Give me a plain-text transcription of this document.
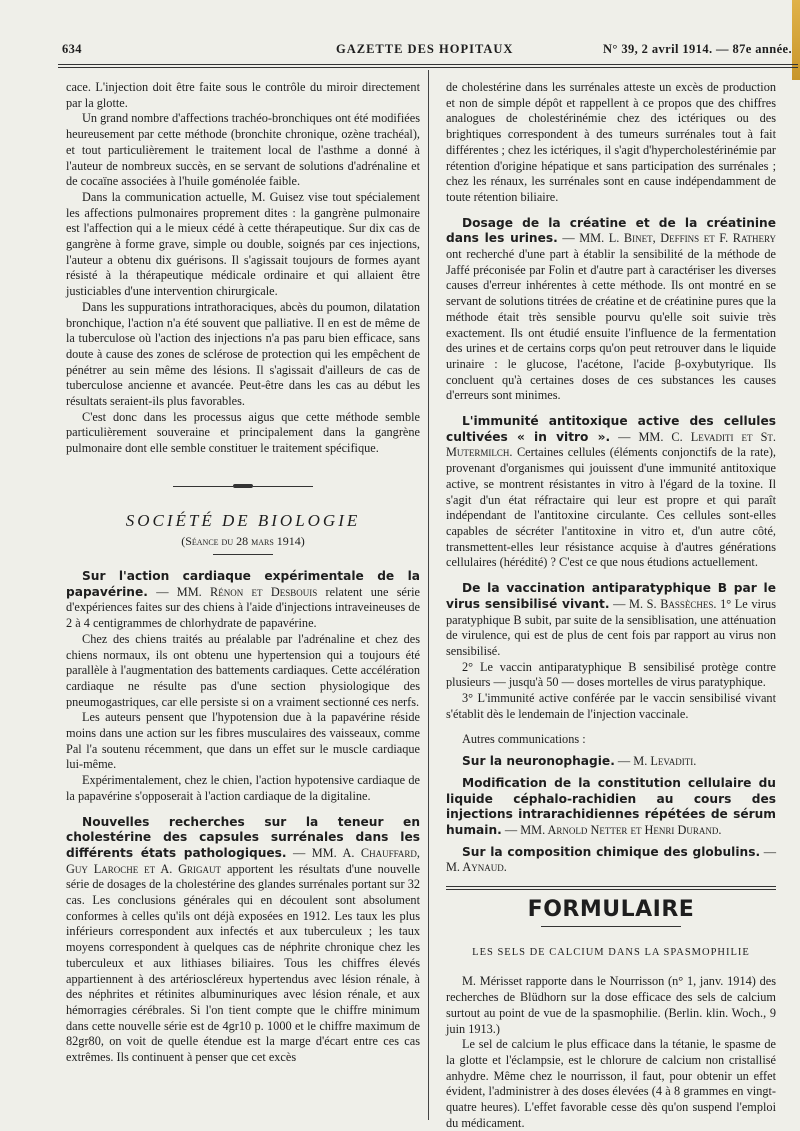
634	GAZETTE DES HOPITAUX	N° 39, 2 avril 1914. — 87e année.

cace. L'injection doit être faite sous le contrôle du miroir directement par la glotte.

Un grand nombre d'affections trachéo-bronchiques ont été modifiées heureusement par cette méthode (bronchite chronique, ozène trachéal), et tout particulièrement le traitement local de l'asthme a donné à l'auteur de nombreux succès, en se servant de solutions d'adrénaline et de cocaïne associées à l'huile goménolée faible.

Dans la communication actuelle, M. Guisez vise tout spécialement les affections pulmonaires proprement dites : la gangrène pulmonaire est l'affection qui a le mieux cédé à cette thérapeutique. Sur dix cas de gangrène à forme grave, simple ou double, soignés par ces injections, l'auteur a obtenu dix guérisons. Il s'agissait toujours de formes ayant résisté à la thérapeutique médicale ordinaire et qui allaient être justiciables d'une intervention chirurgicale.

Dans les suppurations intrathoraciques, abcès du poumon, dilatation bronchique, l'action n'a été souvent que palliative. Il en est de même de la tuberculose où l'action des injections n'a pas paru bien efficace, sans doute à cause des zones de sclérose de protection qui les empêchent de pénétrer au sein même des lésions. Il s'agissait d'ailleurs de cas de tuberculose ancienne et avancée. Peut-être dans les cas au début les résultats seraient-ils plus favorables.

C'est donc dans les processus aigus que cette méthode semble particulièrement souveraine et principalement dans la gangrène pulmonaire dont elle semble constituer le traitement spécifique.

SOCIÉTÉ DE BIOLOGIE
(Séance du 28 mars 1914)

Sur l'action cardiaque expérimentale de la papavérine. — MM. Rénon et Desbouis relatent une série d'expériences faites sur des chiens à l'aide d'injections intraveineuses de 2 à 4 centigrammes de chlorhydrate de papavérine.

Chez des chiens traités au préalable par l'adrénaline et chez des chiens normaux, ils ont obtenu une hypertension qui a toujours été parallèle à l'augmentation des battements cardiaques. Cette accélération cardiaque ne résulte pas d'une section physiologique des pneumogastriques, car elle persiste si on a vraiment sectionné ces nerfs.

Les auteurs pensent que l'hypotension due à la papavérine réside moins dans une action sur les fibres musculaires des vaisseaux, comme Pal l'a soutenu récemment, que dans un effet sur le muscle cardiaque lui-même.

Expérimentalement, chez le chien, l'action hypotensive cardiaque de la papavérine s'opposerait à l'action cardiaque de la digitaline.

Nouvelles recherches sur la teneur en cholestérine des capsules surrénales dans les différents états pathologiques. — MM. A. Chauffard, Guy Laroche et A. Grigaut apportent les résultats d'une nouvelle série de dosages de la cholestérine des glandes surrénales portant sur 32 cas. Les conclusions générales qui en découlent sont absolument conformes à celles qu'ils ont déjà exposées en 1912. Les taux les plus inférieurs correspondent aux infectés et aux tuberculeux ; les taux moyens correspondent à quelques cas de néphrite chronique chez les tuberculeux et aux lithiases biliaires. Tous les chiffres élevés appartiennent à des artérioscléreux hypertendus avec lésion rénale, à des néphrites et rétinites albuminuriques avec lésion rénale, et aux hémorragies cérébrales. Si l'on tient compte que le chiffre minimum dans cette nouvelle série est de 4gr10 p. 1000 et le chiffre maximum de 82gr80, on voit de quelle étendue est la marge d'écart entre ces cas extrêmes. Ils continuent à penser que cet excès

de cholestérine dans les surrénales atteste un excès de production et non de simple dépôt et rappellent à ce propos que des chiffres analogues de cholestérinémie chez des ictériques ou des brightiques correspondent à des tumeurs surrénales tout à fait différentes ; chez les ictériques, il s'agit d'hypercholestérinémie par rétention d'origine hépatique et sans participation des surrénales ; chez les rénaux, les surrénales sont en cause indépendamment de toute rétention biliaire.

Dosage de la créatine et de la créatinine dans les urines. — MM. L. Binet, Deffins et F. Rathery ont recherché d'une part à établir la sensibilité de la méthode de Jaffé préconisée par Folin et d'autre part à caractériser les diverses causes d'erreur inhérentes à cette méthode. Ils ont montré en se servant de solutions titrées de créatine et de créatinine pures que la méthode était très sensible pourvu qu'elle soit suivie très exactement. Ils ont étudié ensuite l'influence de la fermentation des urines et de certains corps qu'on peut retrouver dans le liquide urinaire : le glucose, l'acétone, l'acide β-oxybutyrique. Ils concluent qu'à certaines doses de ces substances les causes d'erreurs sont minimes.

L'immunité antitoxique active des cellules cultivées « in vitro ». — MM. C. Levaditi et St. Mutermilch. Certaines cellules (éléments conjonctifs de la rate), provenant d'organismes qui jouissent d'une immunité antitoxique active, se montrent résistantes in vitro à l'égard de la toxine. Il s'agit d'un état réfractaire qui leur est propre et qui paraît indépendant de l'antitoxine circulante. Ces cellules sont-elles capables de sécréter l'antitoxine in vitro et, d'un autre côté, transmettent-elles leur résistance acquise à d'autres générations cellulaires (hérédité) ? C'est ce que nous étudions actuellement.

De la vaccination antiparatyphique B par le virus sensibilisé vivant. — M. S. Bassèches. 1° Le virus paratyphique B subit, par suite de la sensiblisation, une atténuation de virulence, qui est de plus de cent fois par rapport au virus non sensibilisé.

2° Le vaccin antiparatyphique B sensibilisé protège contre plusieurs — jusqu'à 50 — doses mortelles de virus paratyphique.

3° L'immunité active conférée par le vaccin sensibilisé vivant s'établit dès le lendemain de l'injection vaccinale.

Autres communications :

Sur la neuronophagie. — M. Levaditi.

Modification de la constitution cellulaire du liquide céphalo-rachidien au cours des injections intrarachidiennes répétées de sérum humain. — MM. Arnold Netter et Henri Durand.

Sur la composition chimique des globulins. — M. Aynaud.

FORMULAIRE
LES SELS DE CALCIUM DANS LA SPASMOPHILIE

M. Mérisset rapporte dans le Nourrisson (n° 1, janv. 1914) des recherches de Blüdhorn sur la dose efficace des sels de calcium surtout au point de vue de la spasmophilie. (Berlin. klin. Woch., 9 juin 1913.)

Le sel de calcium le plus efficace dans la tétanie, le spasme de la glotte et l'éclampsie, est le chlorure de calcium non cristallisé anhydre. Même chez le nourrisson, il faut, pour obtenir un effet évident, l'administrer à des doses élevées (4 à 8 grammes en vingt-quatre heures). L'effet favorable cesse dès qu'on suspend l'emploi du médicament.
